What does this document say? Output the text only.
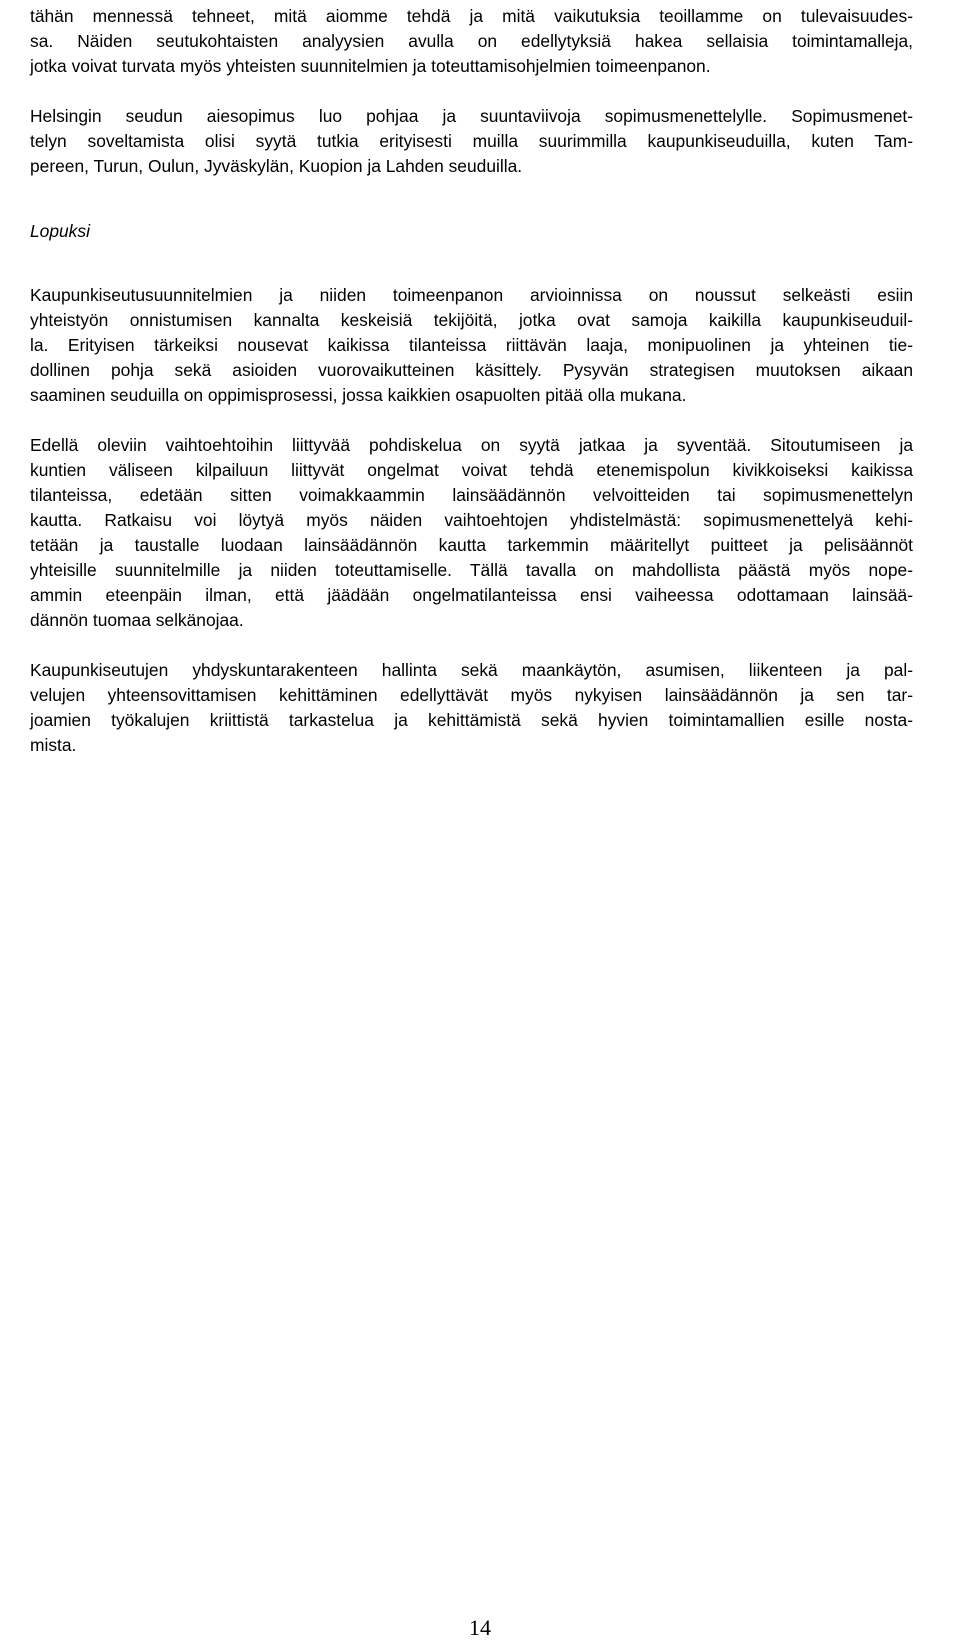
tähän mennessä tehneet, mitä aiomme tehdä ja mitä vaikutuksia teoillamme on tulevaisuudes-
sa. Näiden seutukohtaisten analyysien avulla on edellytyksiä hakea sellaisia toimintamalleja,
jotka voivat turvata myös yhteisten suunnitelmien ja toteuttamisohjelmien toimeenpanon.
Helsingin seudun aiesopimus luo pohjaa ja suuntaviivoja sopimusmenettelylle. Sopimusmenet-
telyn soveltamista olisi syytä tutkia erityisesti muilla suurimmilla kaupunkiseuduilla, kuten Tam-
pereen, Turun, Oulun, Jyväskylän, Kuopion ja Lahden seuduilla.
Lopuksi
Kaupunkiseutusuunnitelmien ja niiden toimeenpanon arvioinnissa on noussut selkeästi esiin
yhteistyön onnistumisen kannalta keskeisiä tekijöitä, jotka ovat samoja kaikilla kaupunkiseuduil-
la. Erityisen tärkeiksi nousevat kaikissa tilanteissa riittävän laaja, monipuolinen ja yhteinen tie-
dollinen pohja sekä asioiden vuorovaikutteinen käsittely. Pysyvän strategisen muutoksen aikaan
saaminen seuduilla on oppimisprosessi, jossa kaikkien osapuolten pitää olla mukana.
Edellä oleviin vaihtoehtoihin liittyvää pohdiskelua on syytä jatkaa ja syventää. Sitoutumiseen ja
kuntien väliseen kilpailuun liittyvät ongelmat voivat tehdä etenemispolun kivikkoiseksi kaikissa
tilanteissa, edetään sitten voimakkaammin lainsäädännön velvoitteiden tai sopimusmenettelyn
kautta. Ratkaisu voi löytyä myös näiden vaihtoehtojen yhdistelmästä: sopimusmenettelyä kehi-
tetään ja taustalle luodaan lainsäädännön kautta tarkemmin määritellyt puitteet ja pelisäännöt
yhteisille suunnitelmille ja niiden toteuttamiselle. Tällä tavalla on mahdollista päästä myös nope-
ammin eteenpäin ilman, että jäädään ongelmatilanteissa ensi vaiheessa odottamaan lainsää-
dännön tuomaa selkänojaa.
Kaupunkiseutujen yhdyskuntarakenteen hallinta sekä maankäytön, asumisen, liikenteen ja pal-
velujen yhteensovittamisen kehittäminen edellyttävät myös nykyisen lainsäädännön ja sen tar-
joamien työkalujen kriittistä tarkastelua ja kehittämistä sekä hyvien toimintamallien esille nosta-
mista.
14
